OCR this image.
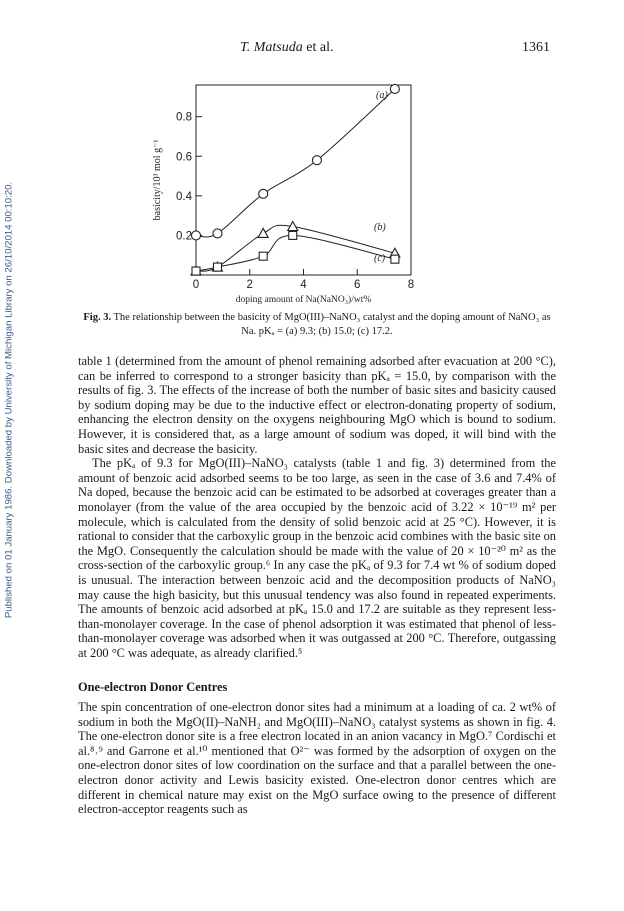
Published on 01 January 1986. Downloaded by University of Michigan Library on 26/10/2014 00:10:20.
T. Matsuda et al.	1361
0.2
0.4
0.6
0.8
0	2	4	6	8
basicity/10³ mol g⁻¹
doping amount of Na(NaNO₃)/wt%
(a)
(b)
(c)
Fig. 3. The relationship between the basicity of MgO(III)–NaNO₃ catalyst and the doping amount of NaNO₃ as Na. pKₐ = (a) 9.3; (b) 15.0; (c) 17.2.

table 1 (determined from the amount of phenol remaining adsorbed after evacuation at 200 °C), can be inferred to correspond to a stronger basicity than pKₐ = 15.0, by comparison with the results of fig. 3. The effects of the increase of both the number of basic sites and basicity caused by sodium doping may be due to the inductive effect or electron-donating property of sodium, enhancing the electron density on the oxygens neighbouring MgO which is bound to sodium. However, it is considered that, as a large amount of sodium was doped, it will bind with the basic sites and decrease the basicity.

The pKₐ of 9.3 for MgO(III)–NaNO₃ catalysts (table 1 and fig. 3) determined from the amount of benzoic acid adsorbed seems to be too large, as seen in the case of 3.6 and 7.4% of Na doped, because the benzoic acid can be estimated to be adsorbed at coverages greater than a monolayer (from the value of the area occupied by the benzoic acid of 3.22 × 10⁻¹⁹ m² per molecule, which is calculated from the density of solid benzoic acid at 25 °C). However, it is rational to consider that the carboxylic group in the benzoic acid combines with the basic site on the MgO. Consequently the calculation should be made with the value of 20 × 10⁻²⁰ m² as the cross-section of the carboxylic group.⁶ In any case the pKₐ of 9.3 for 7.4 wt % of sodium doped is unusual. The interaction between benzoic acid and the decomposition products of NaNO₃ may cause the high basicity, but this unusual tendency was also found in repeated experiments. The amounts of benzoic acid adsorbed at pKₐ 15.0 and 17.2 are suitable as they represent less-than-monolayer coverage. In the case of phenol adsorption it was estimated that phenol of less-than-monolayer coverage was adsorbed when it was outgassed at 200 °C. Therefore, outgassing at 200 °C was adequate, as already clarified.⁵

One-electron Donor Centres

The spin concentration of one-electron donor sites had a minimum at a loading of ca. 2 wt% of sodium in both the MgO(II)–NaNH₂ and MgO(III)–NaNO₃ catalyst systems as shown in fig. 4. The one-electron donor site is a free electron located in an anion vacancy in MgO.⁷ Cordischi et al.⁸˒⁹ and Garrone et al.¹⁰ mentioned that O²⁻ was formed by the adsorption of oxygen on the one-electron donor sites of low coordination on the surface and that a parallel between the one-electron donor activity and Lewis basicity existed. One-electron donor centres which are different in chemical nature may exist on the MgO surface owing to the presence of different electron-acceptor reagents such as
